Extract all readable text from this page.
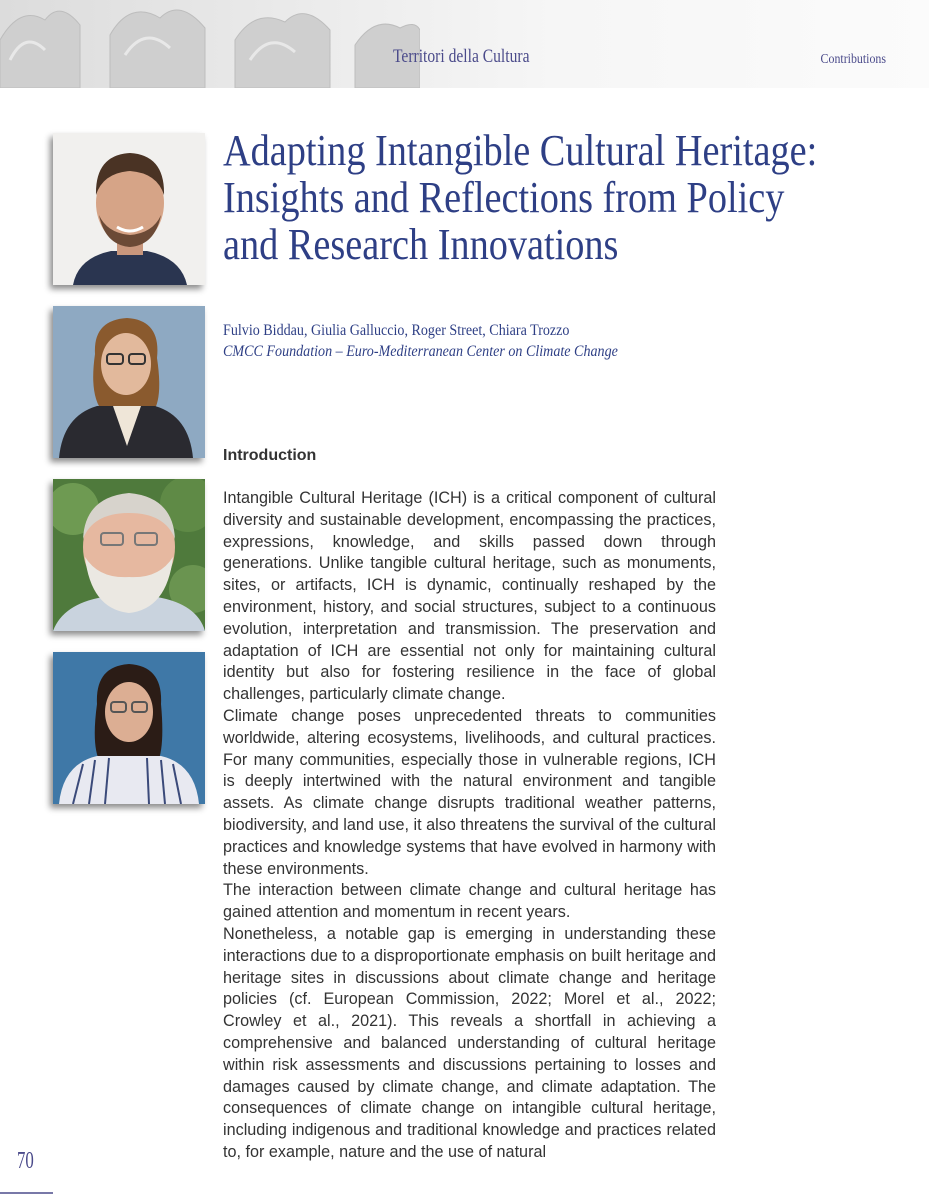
Territori della Cultura	Contributions
Adapting Intangible Cultural Heritage:
Insights and Reflections from Policy
and Research Innovations
Fulvio Biddau, Giulia Galluccio, Roger Street, Chiara Trozzo
CMCC Foundation – Euro-Mediterranean Center on Climate Change
Introduction

Intangible Cultural Heritage (ICH) is a critical component of cultural diversity and sustainable development, encompassing the practices, expressions, knowledge, and skills passed down through generations. Unlike tangible cultural heritage, such as monuments, sites, or artifacts, ICH is dynamic, continually reshaped by the environment, history, and social structures, subject to a continuous evolution, interpretation and transmission. The preservation and adaptation of ICH are essential not only for maintaining cultural identity but also for fostering resilience in the face of global challenges, particularly climate change.

Climate change poses unprecedented threats to communities worldwide, altering ecosystems, livelihoods, and cultural practices. For many communities, especially those in vulnerable regions, ICH is deeply intertwined with the natural environment and tangible assets. As climate change disrupts traditional weather patterns, biodiversity, and land use, it also threatens the survival of the cultural practices and knowledge systems that have evolved in harmony with these environments.

The interaction between climate change and cultural heritage has gained attention and momentum in recent years.

Nonetheless, a notable gap is emerging in understanding these interactions due to a disproportionate emphasis on built heritage and heritage sites in discussions about climate change and heritage policies (cf. European Commission, 2022; Morel et al., 2022; Crowley et al., 2021). This reveals a shortfall in achieving a comprehensive and balanced understanding of cultural heritage within risk assessments and discussions pertaining to losses and damages caused by climate change, and climate adaptation. The consequences of climate change on intangible cultural heritage, including indigenous and traditional knowledge and practices related to, for example, nature and the use of natural

70
